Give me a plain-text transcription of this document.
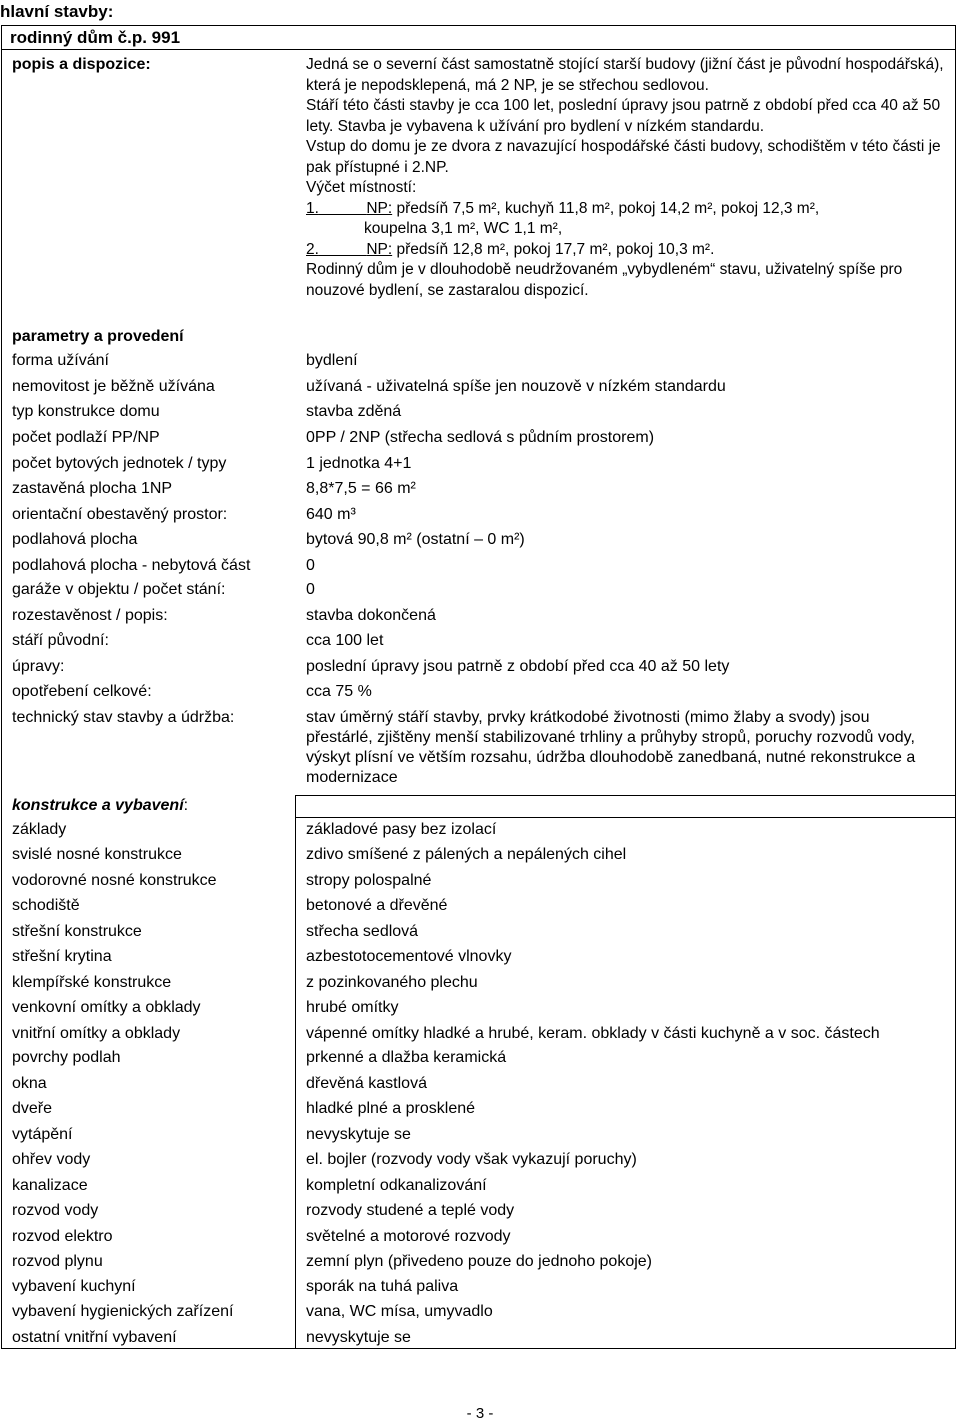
hlavní stavby:
rodinný dům č.p. 991
popis a dispozice:	Jedná se o severní část samostatně stojící starší budovy (jižní část je původní hospodářská), která je nepodsklepená, má 2 NP, je se střechou sedlovou.

Stáří této části stavby je cca 100 let, poslední úpravy jsou patrně z období před cca 40 až 50 lety. Stavba je vybavena k užívání pro bydlení v nízkém standardu.

Vstup do domu je ze dvora z navazující hospodářské části budovy, schodištěm v této části je pak přístupné i 2.NP.

Výčet místností:

1.	NP: předsíň 7,5 m², kuchyň 11,8 m², pokoj 14,2 m², pokoj 12,3 m²,

koupelna 3,1 m², WC 1,1 m²,

2.	NP: předsíň 12,8 m², pokoj 17,7 m², pokoj 10,3 m².

Rodinný dům je v dlouhodobě neudržovaném „vybydleném“ stavu, uživatelný spíše pro nouzové bydlení, se zastaralou dispozicí.

parametry a provedení
forma užívání	bydlení
nemovitost je běžně užívána	užívaná - uživatelná spíše jen nouzově v nízkém standardu
typ konstrukce domu	stavba zděná
počet podlaží PP/NP	0PP / 2NP (střecha sedlová s půdním prostorem)
počet bytových jednotek / typy	1 jednotka 4+1
zastavěná plocha 1NP	8,8*7,5 = 66 m²
orientační obestavěný prostor:	640 m³
podlahová plocha	bytová 90,8 m² (ostatní – 0 m²)
podlahová plocha - nebytová část	0
garáže v objektu / počet stání:	0
rozestavěnost / popis:	stavba dokončená
stáří původní:	cca 100 let
úpravy:	poslední úpravy jsou patrně z období před cca 40 až 50 lety
opotřebení celkové:	cca 75 %
technický stav stavby a údržba:	stav úměrný stáří stavby, prvky krátkodobé životnosti (mimo žlaby a svody) jsou přestárlé, zjištěny menší stabilizované trhliny a průhyby stropů, poruchy rozvodů vody, výskyt plísní ve větším rozsahu, údržba dlouhodobě zanedbaná, nutné rekonstrukce a modernizace
konstrukce a vybavení:
základy	základové pasy bez izolací
svislé nosné konstrukce	zdivo smíšené z pálených a nepálených cihel
vodorovné nosné konstrukce	stropy polospalné
schodiště	betonové a dřevěné
střešní konstrukce	střecha sedlová
střešní krytina	azbestotocementové vlnovky
klempířské konstrukce	z pozinkovaného plechu
venkovní omítky a obklady	hrubé omítky
vnitřní omítky a obklady	vápenné omítky hladké a hrubé, keram. obklady v části kuchyně a v soc. částech
povrchy podlah	prkenné a dlažba keramická
okna	dřevěná kastlová
dveře	hladké plné a prosklené
vytápění	nevyskytuje se
ohřev vody	el. bojler (rozvody vody však vykazují poruchy)
kanalizace	kompletní odkanalizování
rozvod vody	rozvody studené a teplé vody
rozvod elektro	světelné a motorové rozvody
rozvod plynu	zemní plyn (přivedeno pouze do jednoho pokoje)
vybavení kuchyní	sporák na tuhá paliva
vybavení hygienických zařízení	vana, WC mísa, umyvadlo
ostatní vnitřní vybavení	nevyskytuje se
- 3 -
